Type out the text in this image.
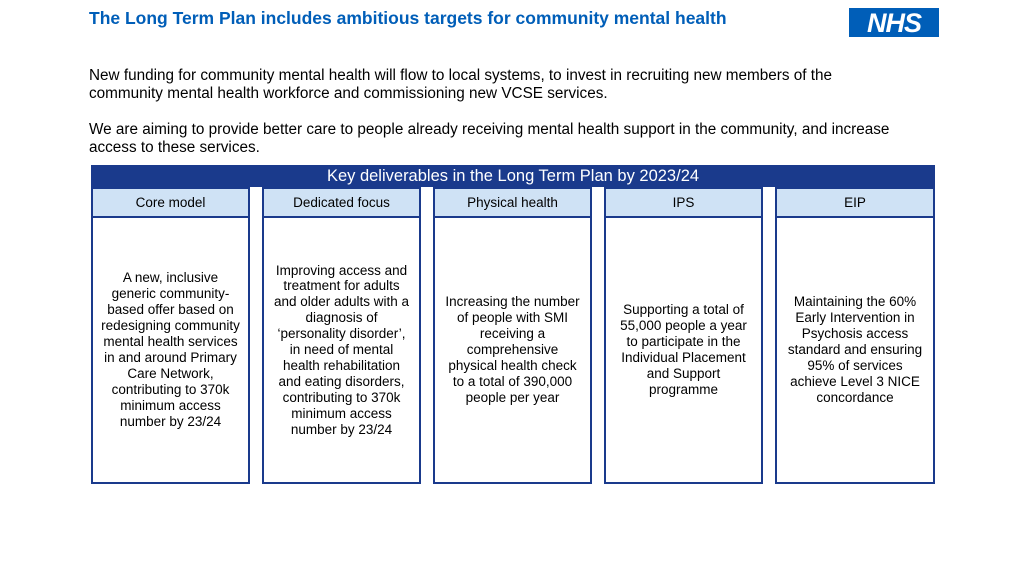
The Long Term Plan includes ambitious targets for community mental health	NHS

New funding for community mental health will flow to local systems, to invest in recruiting new members of the community mental health workforce and commissioning new VCSE services.

We are aiming to provide better care to people already receiving mental health support in the community, and increase access to these services.

Key deliverables in the Long Term Plan by 2023/24
Core model
A new, inclusive generic community-based offer based on redesigning community mental health services in and around Primary Care Network, contributing to 370k minimum access number by 23/24
Dedicated focus
Improving access and treatment for adults and older adults with a diagnosis of ‘personality disorder’, in need of mental health rehabilitation and eating disorders, contributing to 370k minimum access number by 23/24
Physical health
Increasing the number of people with SMI receiving a comprehensive physical health check to a total of 390,000 people per year
IPS
Supporting a total of 55,000 people a year to participate in the Individual Placement and Support programme
EIP
Maintaining the 60% Early Intervention in Psychosis access standard and ensuring 95% of services achieve Level 3 NICE concordance
